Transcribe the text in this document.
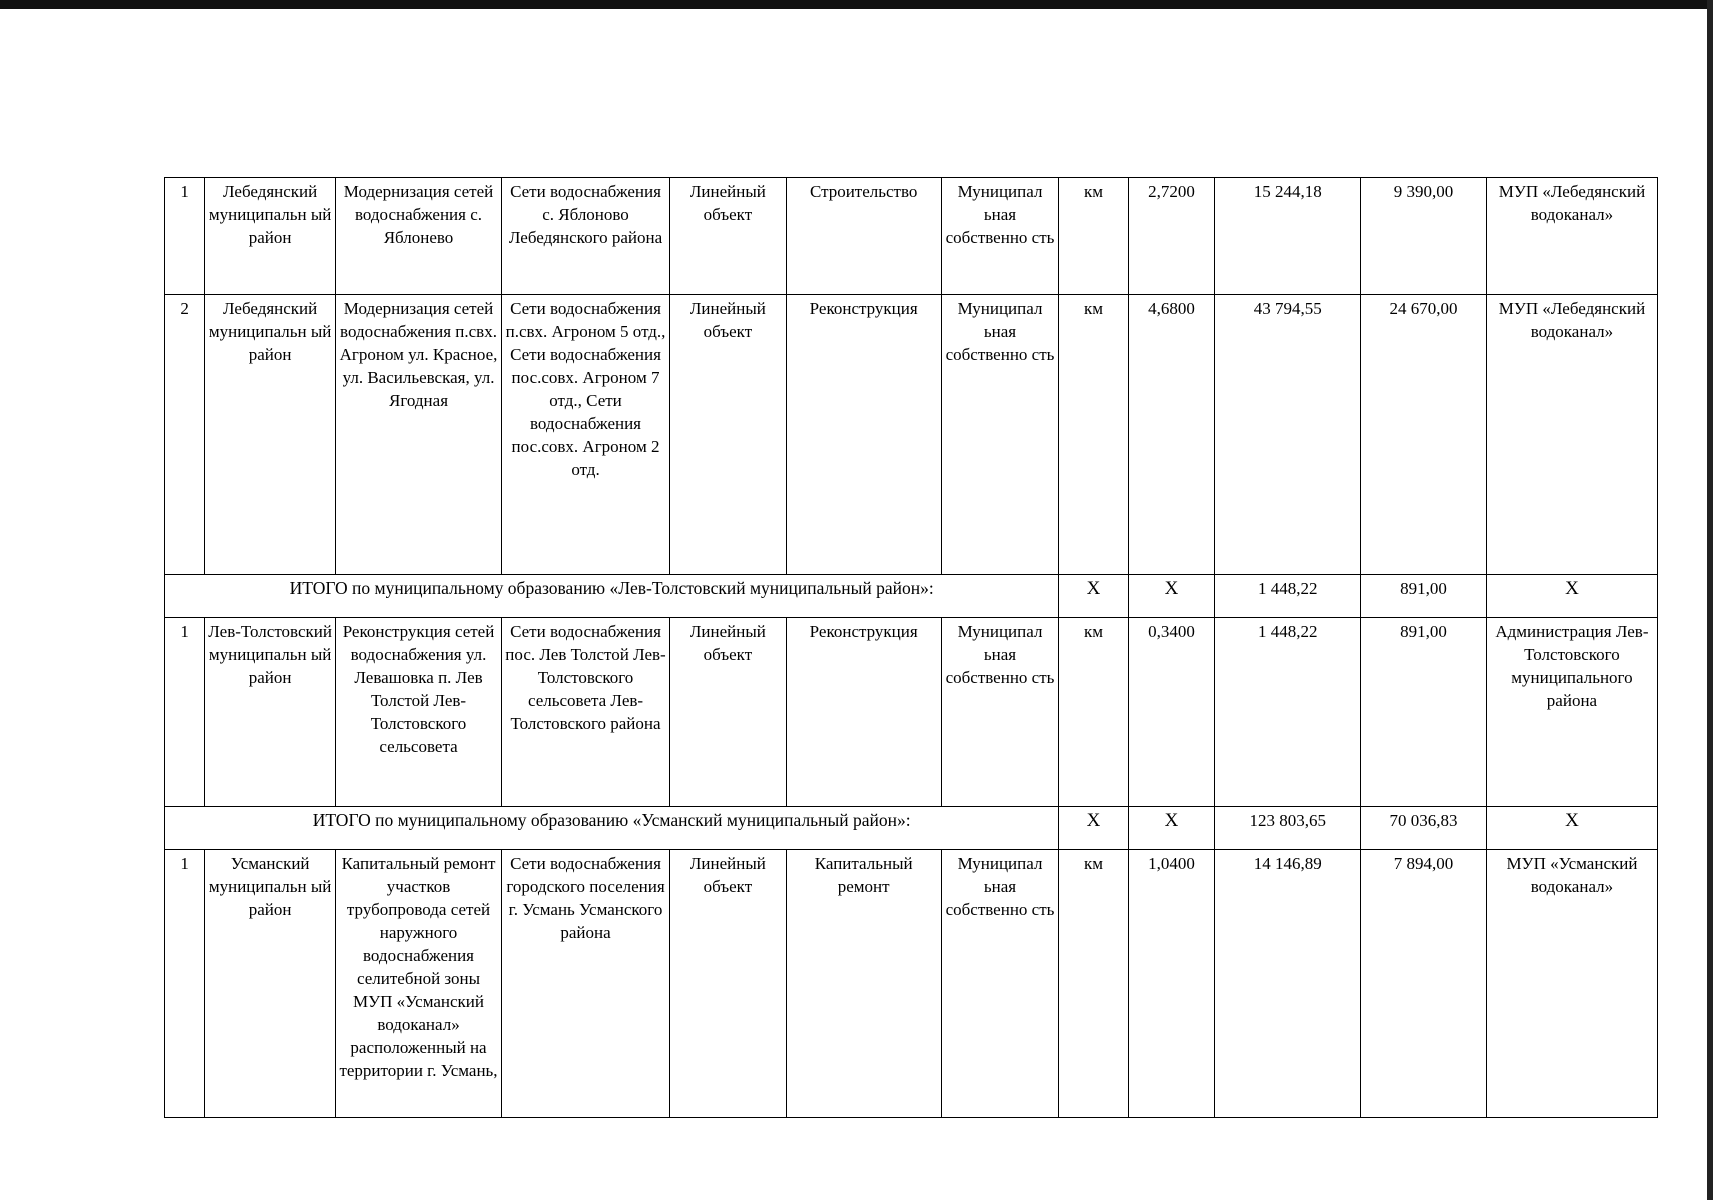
1	Лебедянский муниципальн ый район	Модернизация сетей водоснабжения с. Яблонево	Сети водоснабжения с. Яблоново Лебедянского района	Линейный объект	Строительство	Муниципал ьная собственно сть	км	2,7200	15 244,18	9 390,00	МУП «Лебедянский водоканал»
2	Лебедянский муниципальн ый район	Модернизация сетей водоснабжения п.свх. Агроном ул. Красное, ул. Васильевская, ул. Ягодная	Сети водоснабжения п.свх. Агроном 5 отд., Сети водоснабжения пос.совх. Агроном 7 отд., Сети водоснабжения пос.совх. Агроном 2 отд.	Линейный объект	Реконструкция	Муниципал ьная собственно сть	км	4,6800	43 794,55	24 670,00	МУП «Лебедянский водоканал»
ИТОГО по муниципальному образованию «Лев-Толстовский муниципальный район»:							Х	Х	1 448,22	891,00	Х
1	Лев-Толстовский муниципальн ый район	Реконструкция сетей водоснабжения ул. Левашовка п. Лев Толстой Лев-Толстовского сельсовета	Сети водоснабжения пос. Лев Толстой Лев-Толстовского сельсовета Лев-Толстовского района	Линейный объект	Реконструкция	Муниципал ьная собственно сть	км	0,3400	1 448,22	891,00	Администрация Лев-Толстовского муниципального района
ИТОГО по муниципальному образованию «Усманский муниципальный район»:							Х	Х	123 803,65	70 036,83	Х
1	Усманский муниципальн ый район	Капитальный ремонт участков трубопровода сетей наружного водоснабжения селитебной зоны МУП «Усманский водоканал» расположенный на территории г. Усмань,	Сети водоснабжения городского поселения г. Усмань Усманского района	Линейный объект	Капитальный ремонт	Муниципал ьная собственно сть	км	1,0400	14 146,89	7 894,00	МУП «Усманский водоканал»
